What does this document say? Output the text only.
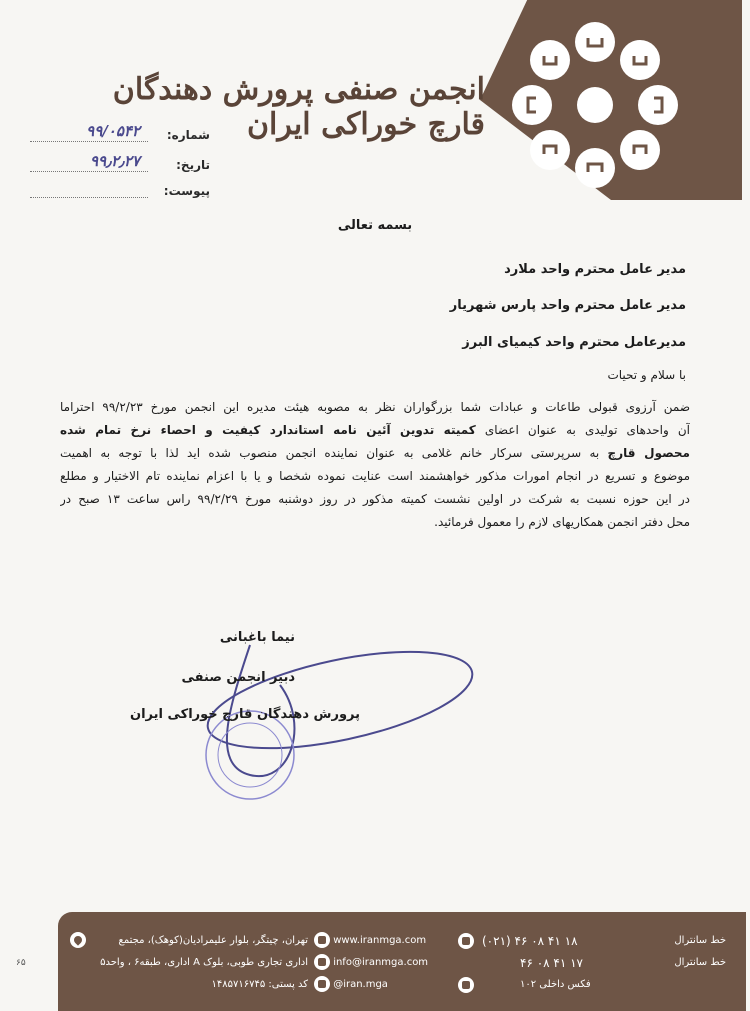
انجمن صنفی پرورش دهندگان قارچ خوراکی ایران
شماره:
۹۹/۰۵۴۲
تاریخ:
۹۹٫۲٫۲۷
پیوست:
بسمه تعالی
مدیر عامل محترم واحد ملارد
مدیر عامل محترم واحد پارس شهریار
مدیرعامل محترم واحد کیمیای البرز
با سلام و تحیات
ضمن آرزوی قبولی طاعات و عبادات شما بزرگواران نظر به مصوبه هیئت مدیره این انجمن مورخ ۹۹/۲/۲۳ احتراما
آن واحدهای تولیدی به عنوان اعضای کمیته تدوین آئین نامه استاندارد کیفیت و احصاء نرخ تمام شده
محصول قارچ به سرپرستی سرکار خانم غلامی به عنوان نماینده انجمن منصوب شده اید لذا با توجه به اهمیت
موضوع و تسریع در انجام امورات مذکور خواهشمند است عنایت نموده شخصا و یا با اعزام نماینده تام الاختیار و مطلع
در این حوزه نسبت به شرکت در اولین نشست کمیته مذکور در روز دوشنبه مورخ ۹۹/۲/۲۹ راس ساعت ۱۳ صبح در
محل دفتر انجمن همکاریهای لازم را معمول فرمائید.
نیما باغبانی
دبیر انجمن صنفی
پرورش دهندگان قارچ خوراکی ایران
تهران، چیتگر، بلوار علیمرادیان(کوهک)، مجتمع
اداری تجاری طوبی، بلوک A اداری، طبقه۶ ، واحد۵
کد پستی: ۱۴۸۵۷۱۶۷۴۵
www.iranmga.com
info@iranmga.com
@iran.mga
(۰۲۱) ۴۶ ۰۸ ۴۱ ۱۸	خط سانترال
۴۶ ۰۸ ۴۱ ۱۷	خط سانترال
فکس داخلی ۱۰۲
۶۵
